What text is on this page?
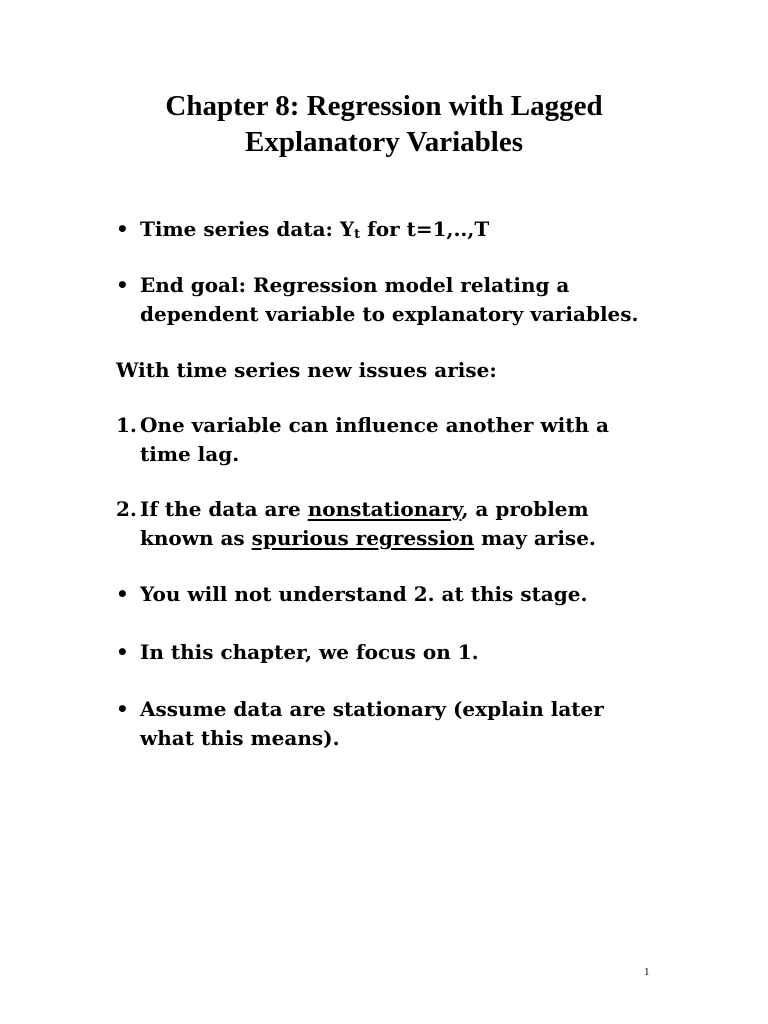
Chapter 8: Regression with Lagged
Explanatory Variables
• Time series data: $Y_t$ for t=1,..,T
• End goal: Regression model relating a
dependent variable to explanatory variables.
With time series new issues arise:
1. One variable can influence another with a
time lag.
2. If the data are nonstationary, a problem
known as spurious regression may arise.
• You will not understand 2. at this stage.
• In this chapter, we focus on 1.
• Assume data are stationary (explain later
what this means).
1
